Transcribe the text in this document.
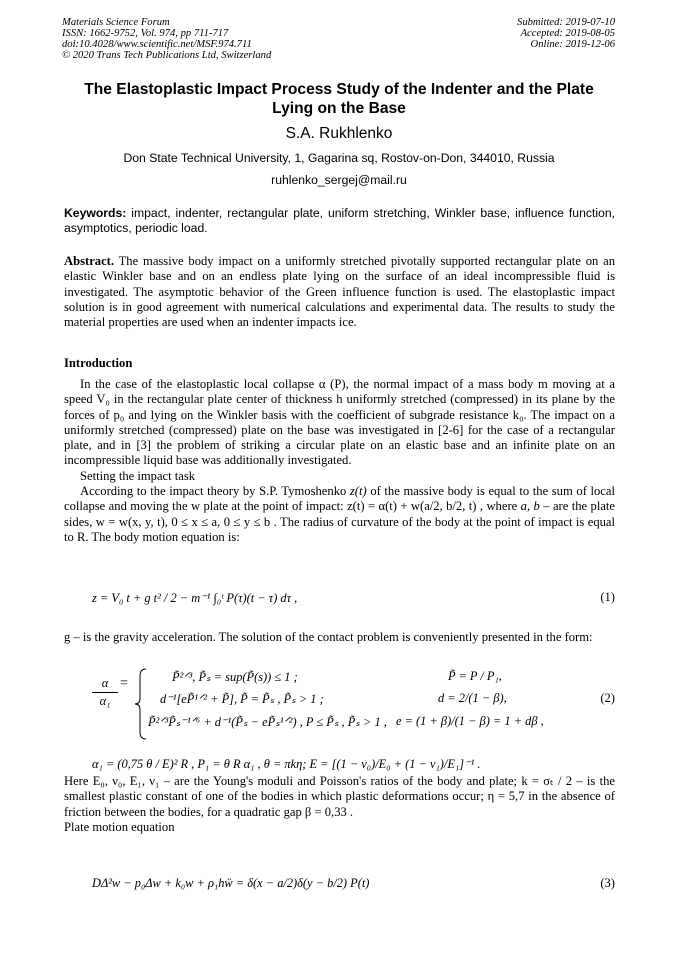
Materials Science Forum
ISSN: 1662-9752, Vol. 974, pp 711-717
doi:10.4028/www.scientific.net/MSF.974.711
© 2020 Trans Tech Publications Ltd, Switzerland
Submitted: 2019-07-10
Accepted: 2019-08-05
Online: 2019-12-06
The Elastoplastic Impact Process Study of the Indenter and the Plate Lying on the Base
S.A. Rukhlenko
Don State Technical University, 1, Gagarina sq, Rostov-on-Don, 344010, Russia
ruhlenko_sergej@mail.ru
Keywords: impact, indenter, rectangular plate, uniform stretching, Winkler base, influence function, asymptotics, periodic load.
Abstract. The massive body impact on a uniformly stretched pivotally supported rectangular plate on an elastic Winkler base and on an endless plate lying on the surface of an ideal incompressible fluid is investigated. The asymptotic behavior of the Green influence function is used. The elastoplastic impact solution is in good agreement with numerical calculations and experimental data. The results to study the material properties are used when an indenter impacts ice.
Introduction

In the case of the elastoplastic local collapse α (P), the normal impact of a mass body m moving at a speed V₀ in the rectangular plate center of thickness h uniformly stretched (compressed) in its plane by the forces of p₀ and lying on the Winkler basis with the coefficient of subgrade resistance k₀. The impact on a uniformly stretched (compressed) plate on the base was investigated in [2-6] for the case of a rectangular plate, and in [3] the problem of striking a circular plate on an elastic base and an infinite plate on an incompressible liquid base was additionally investigated.

Setting the impact task

According to the impact theory by S.P. Tymoshenko z(t) of the massive body is equal to the sum of local collapse and moving the w plate at the point of impact: z(t) = α(t) + w(a/2, b/2, t) , where a, b – are the plate sides, w = w(x, y, t), 0 ≤ x ≤ a, 0 ≤ y ≤ b . The radius of curvature of the body at the point of impact is equal to R. The body motion equation is:

z = V₀ t + g t² / 2 − m⁻¹ ∫₀ᵗ P(τ)(t − τ) dτ ,	(1)
g – is the gravity acceleration. The solution of the contact problem is conveniently presented in the form:
α
α₁
=	P̃²ᐟ³, P̃ₛ = sup(P̃(s)) ≤ 1 ;
d⁻¹[eP̃¹ᐟ² + P̃], P̃ = P̃ₛ , P̃ₛ > 1 ;
P̃²ᐟ³P̃ₛ⁻¹ᐟ⁶ + d⁻¹(P̃ₛ − eP̃ₛ¹ᐟ²) , P ≤ P̃ₛ , P̃ₛ > 1 ,
P̃ = P / P₁,
d = 2/(1 − β),
e = (1 + β)/(1 − β) = 1 + dβ ,
(2)
α₁ = (0,75 θ / E)² R , P₁ = θ R α₁ , θ = πkη; E = [(1 − ν₀)/E₀ + (1 − ν₁)/E₁]⁻¹ .
Here E₀, ν₀, E₁, ν₁ – are the Young's moduli and Poisson's ratios of the body and plate; k = σₜ / 2 – is the smallest plastic constant of one of the bodies in which plastic deformations occur; η = 5,7 in the absence of friction between the bodies, for a quadratic gap β = 0,33 .
Plate motion equation
DΔ²w − p₀Δw + k₀w + ρ₁hẅ = δ(x − a/2)δ(y − b/2) P(t)	(3)
